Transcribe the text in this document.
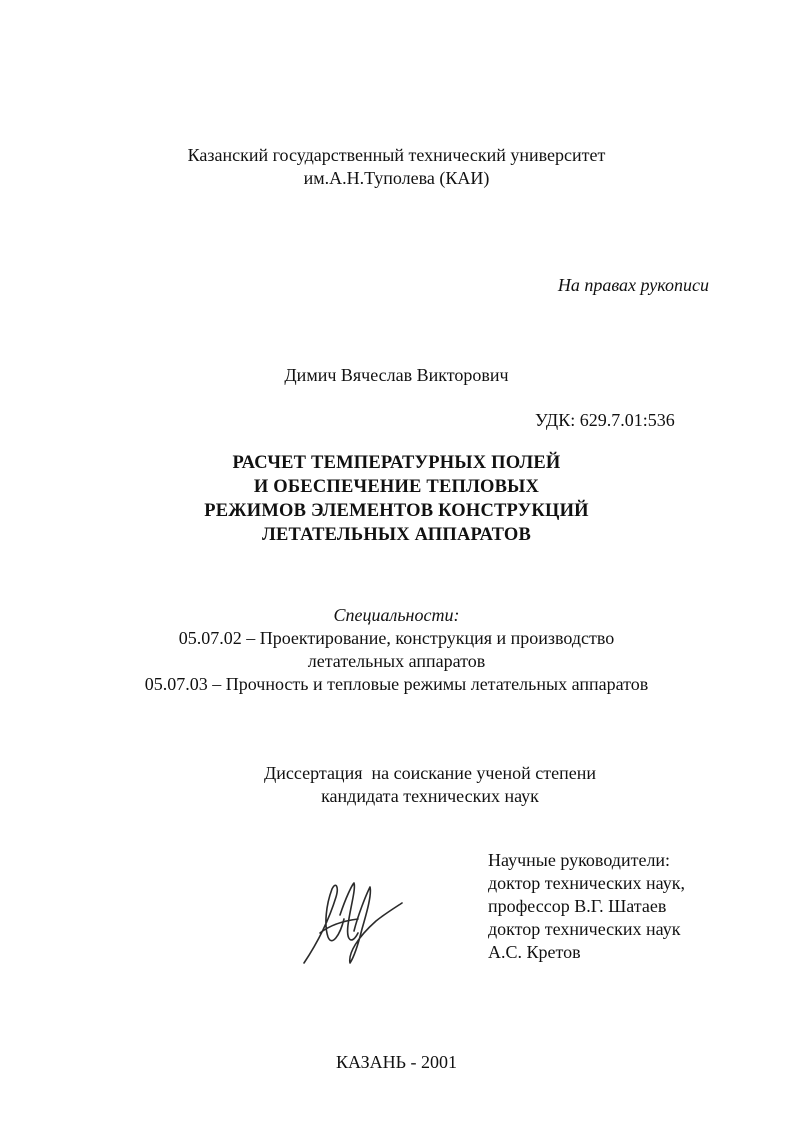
Казанский государственный технический университет
им.А.Н.Туполева (КАИ)
На правах рукописи
Димич Вячеслав Викторович
УДК: 629.7.01:536
РАСЧЕТ ТЕМПЕРАТУРНЫХ ПОЛЕЙ
И ОБЕСПЕЧЕНИЕ ТЕПЛОВЫХ
РЕЖИМОВ ЭЛЕМЕНТОВ КОНСТРУКЦИЙ
ЛЕТАТЕЛЬНЫХ АППАРАТОВ
Специальности:
05.07.02 – Проектирование, конструкция и производство
летательных аппаратов
05.07.03 – Прочность и тепловые режимы летательных аппаратов
Диссертация  на соискание ученой степени
кандидата технических наук
Научные руководители:
доктор технических наук,
профессор В.Г. Шатаев
доктор технических наук
А.С. Кретов
КАЗАНЬ - 2001
